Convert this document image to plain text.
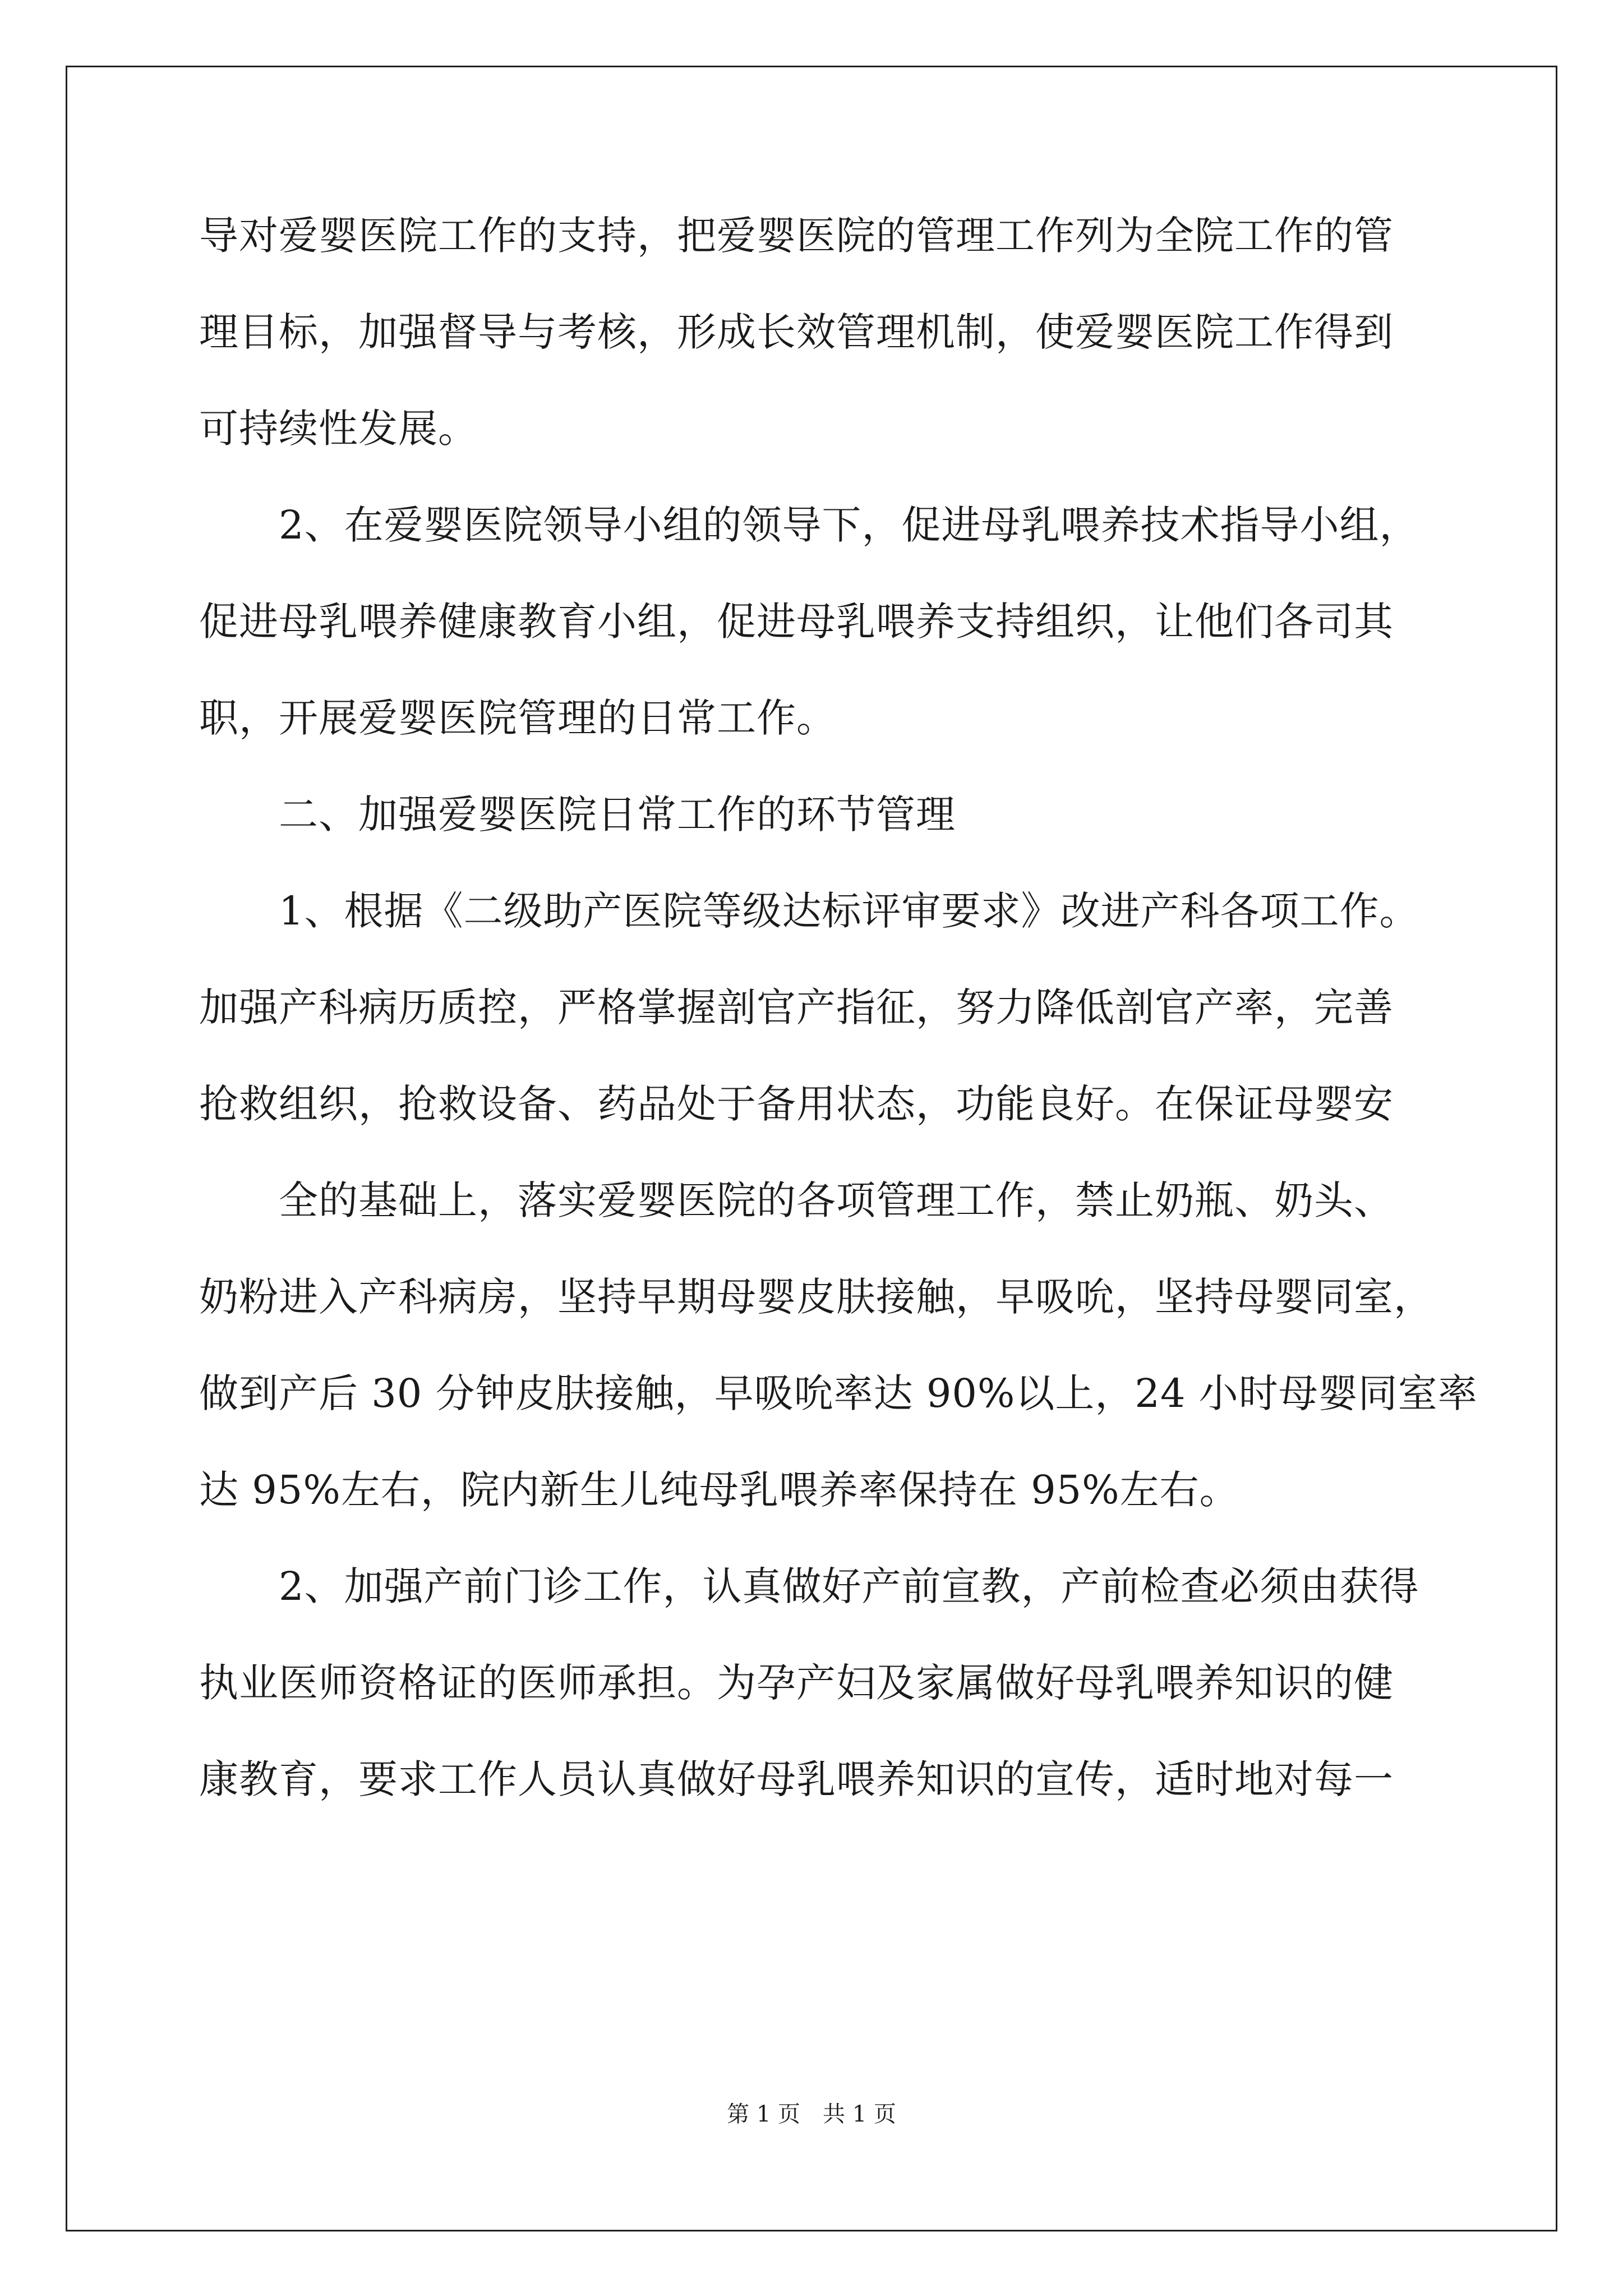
导对爱婴医院工作的支持，把爱婴医院的管理工作列为全院工作的管
理目标，加强督导与考核，形成长效管理机制，使爱婴医院工作得到
可持续性发展。
　　2、在爱婴医院领导小组的领导下，促进母乳喂养技术指导小组，
促进母乳喂养健康教育小组，促进母乳喂养支持组织，让他们各司其
职，开展爱婴医院管理的日常工作。
　　二、加强爱婴医院日常工作的环节管理
　　1、根据《二级助产医院等级达标评审要求》改进产科各项工作。
加强产科病历质控，严格掌握剖官产指征，努力降低剖官产率，完善
抢救组织，抢救设备、药品处于备用状态，功能良好。在保证母婴安
　　全的基础上，落实爱婴医院的各项管理工作，禁止奶瓶、奶头、
奶粉进入产科病房，坚持早期母婴皮肤接触，早吸吮，坚持母婴同室，
做到产后 30 分钟皮肤接触，早吸吮率达 90%以上，24 小时母婴同室率
达 95%左右，院内新生儿纯母乳喂养率保持在 95%左右。
　　2、加强产前门诊工作，认真做好产前宣教，产前检查必须由获得
执业医师资格证的医师承担。为孕产妇及家属做好母乳喂养知识的健
康教育，要求工作人员认真做好母乳喂养知识的宣传，适时地对每一
第 1 页　共 1 页
